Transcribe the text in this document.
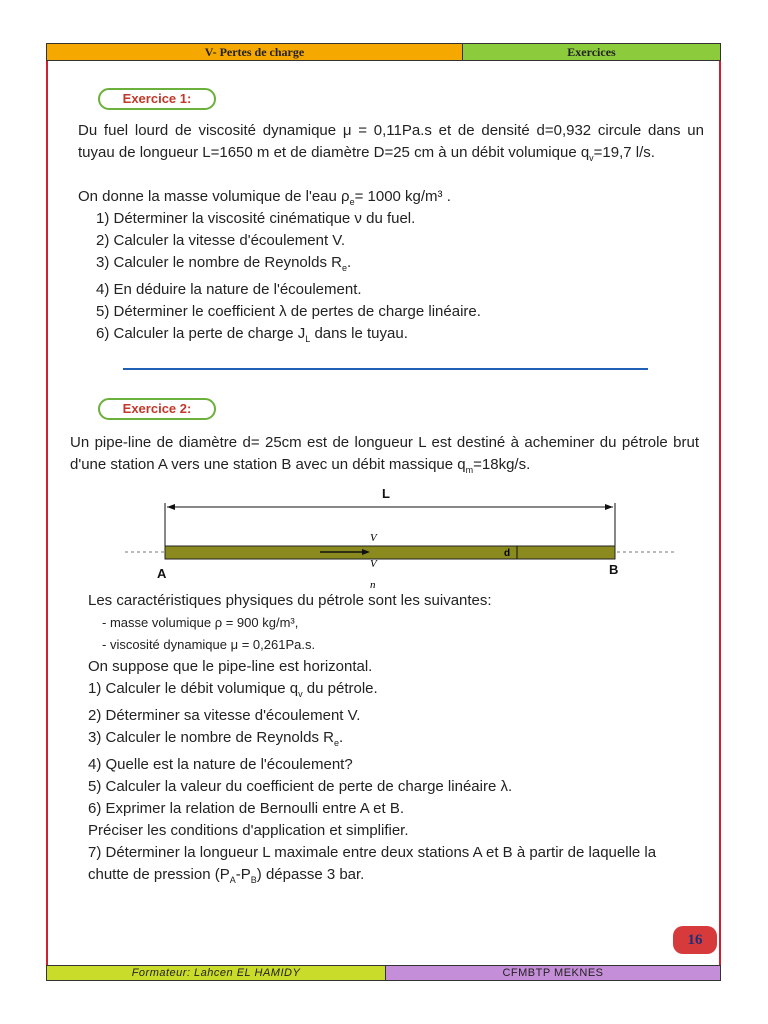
V- Pertes de charge	Exercices
Exercice 1:
Du fuel lourd de viscosité dynamique μ = 0,11Pa.s et de densité d=0,932 circule dans un tuyau de longueur L=1650 m et de diamètre D=25 cm à un débit volumique $q_v=19,7$ l/s.
On donne la masse volumique de l'eau $\rho_e= 1000$ kg/m³ .
1) Déterminer la viscosité cinématique ν du fuel.
2) Calculer la vitesse d'écoulement V.
3) Calculer le nombre de Reynolds $R_e$.
4) En déduire la nature de l'écoulement.
5) Déterminer le coefficient λ de pertes de charge linéaire.
6) Calculer la perte de charge $J_L$ dans le tuyau.
Exercice 2:
Un pipe-line de diamètre d= 25cm est de longueur L est destiné à acheminer du pétrole brut d'une station A vers une station B avec un débit massique $q_m=18kg/s$.
L
V
V
n
d
A	B
Les caractéristiques physiques du pétrole sont les suivantes:
- masse volumique ρ = 900 kg/m³,
- viscosité dynamique μ = 0,261Pa.s.
On suppose que le pipe-line est horizontal.
1) Calculer le débit volumique $q_v$ du pétrole.
2) Déterminer sa vitesse d'écoulement V.
3) Calculer le nombre de Reynolds $R_e$.
4) Quelle est la nature de l'écoulement?
5) Calculer la valeur du coefficient de perte de charge linéaire λ.
6) Exprimer la relation de Bernoulli entre A et B.
Préciser les conditions d'application et simplifier.
7) Déterminer la longueur L maximale entre deux stations A et B à partir de laquelle la chutte de pression $(P_A-P_B)$ dépasse 3 bar.
16
Formateur: Lahcen EL HAMIDY	CFMBTP MEKNES
